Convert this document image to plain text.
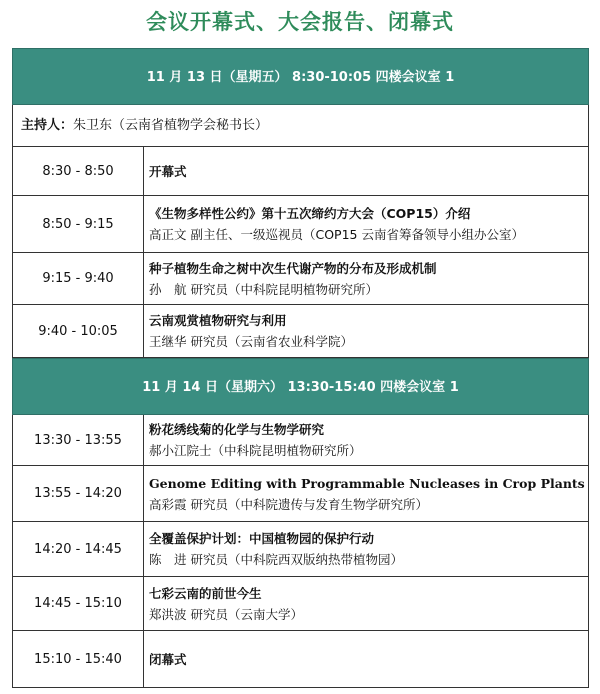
会议开幕式、大会报告、闭幕式
11 月 13 日（星期五） 8:30-10:05 四楼会议室 1
主持人：朱卫东（云南省植物学会秘书长）
8:30 - 8:50	开幕式
8:50 - 9:15
《生物多样性公约》第十五次缔约方大会（COP15）介绍
高正文 副主任、一级巡视员（COP15 云南省筹备领导小组办公室）
9:15 - 9:40
种子植物生命之树中次生代谢产物的分布及形成机制
孙　航 研究员（中科院昆明植物研究所）
9:40 - 10:05
云南观赏植物研究与利用
王继华 研究员（云南省农业科学院）
11 月 14 日（星期六） 13:30-15:40 四楼会议室 1
13:30 - 13:55
粉花绣线菊的化学与生物学研究
郝小江院士（中科院昆明植物研究所）
13:55 - 14:20
Genome Editing with Programmable Nucleases in Crop Plants
高彩霞 研究员（中科院遗传与发育生物学研究所）
14:20 - 14:45
全覆盖保护计划：中国植物园的保护行动
陈　进 研究员（中科院西双版纳热带植物园）
14:45 - 15:10
七彩云南的前世今生
郑洪波 研究员（云南大学）
15:10 - 15:40	闭幕式
